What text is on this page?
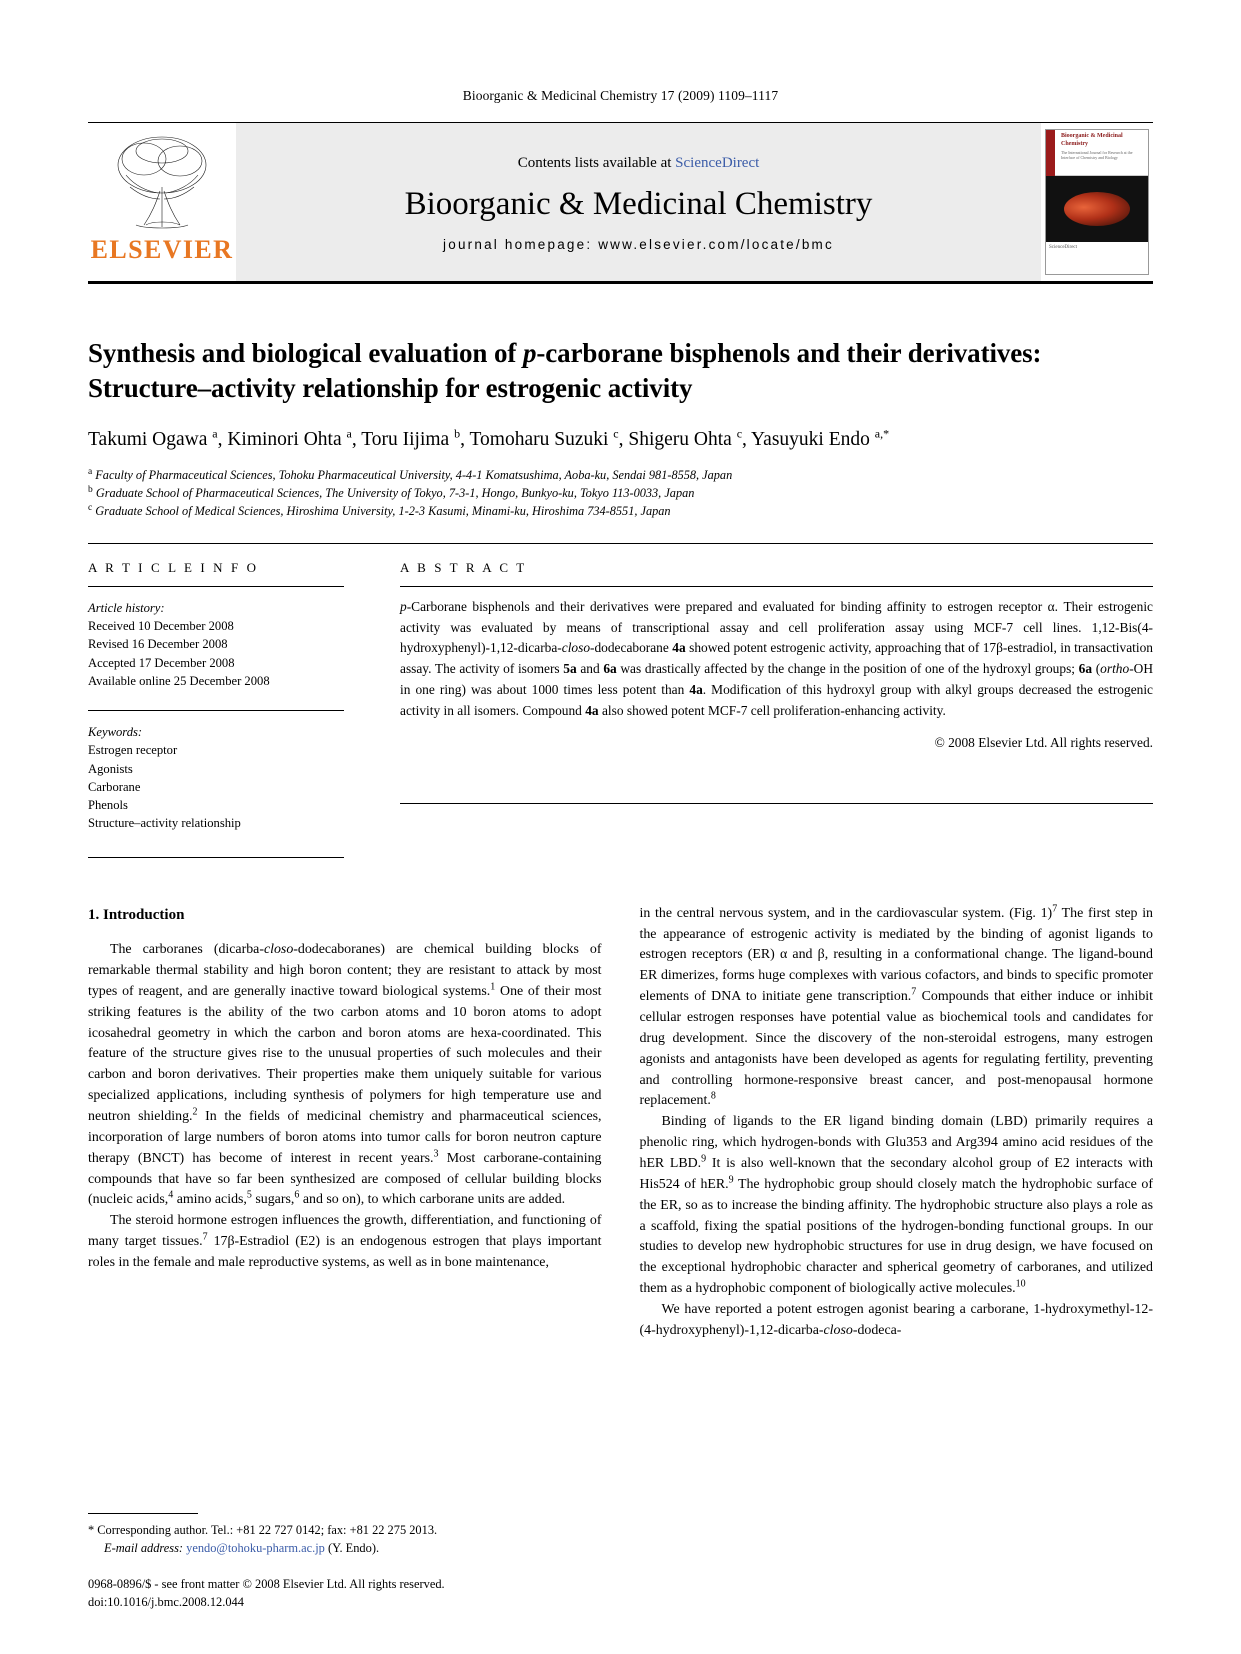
Bioorganic & Medicinal Chemistry 17 (2009) 1109–1117
ELSEVIER
Contents lists available at ScienceDirect
Bioorganic & Medicinal Chemistry
journal homepage: www.elsevier.com/locate/bmc
Bioorganic & Medicinal Chemistry
The International Journal for Research at the Interface of Chemistry and Biology
ScienceDirect
Synthesis and biological evaluation of p-carborane bisphenols and their derivatives: Structure–activity relationship for estrogenic activity
Takumi Ogawa $^a$, Kiminori Ohta $^a$, Toru Iijima $^b$, Tomoharu Suzuki $^c$, Shigeru Ohta $^c$, Yasuyuki Endo $^{a,*}$
$^a$ Faculty of Pharmaceutical Sciences, Tohoku Pharmaceutical University, 4-4-1 Komatsushima, Aoba-ku, Sendai 981-8558, Japan
$^b$ Graduate School of Pharmaceutical Sciences, The University of Tokyo, 7-3-1, Hongo, Bunkyo-ku, Tokyo 113-0033, Japan
$^c$ Graduate School of Medical Sciences, Hiroshima University, 1-2-3 Kasumi, Minami-ku, Hiroshima 734-8551, Japan
A R T I C L E I N F O
Article history:
Received 10 December 2008
Revised 16 December 2008
Accepted 17 December 2008
Available online 25 December 2008
Keywords:
Estrogen receptor
Agonists
Carborane
Phenols
Structure–activity relationship
A B S T R A C T
p-Carborane bisphenols and their derivatives were prepared and evaluated for binding affinity to estrogen receptor α. Their estrogenic activity was evaluated by means of transcriptional assay and cell proliferation assay using MCF-7 cell lines. 1,12-Bis(4-hydroxyphenyl)-1,12-dicarba-closo-dodecaborane 4a showed potent estrogenic activity, approaching that of 17β-estradiol, in transactivation assay. The activity of isomers 5a and 6a was drastically affected by the change in the position of one of the hydroxyl groups; 6a (ortho-OH in one ring) was about 1000 times less potent than 4a. Modification of this hydroxyl group with alkyl groups decreased the estrogenic activity in all isomers. Compound 4a also showed potent MCF-7 cell proliferation-enhancing activity.
© 2008 Elsevier Ltd. All rights reserved.
1. Introduction

The carboranes (dicarba-closo-dodecaboranes) are chemical building blocks of remarkable thermal stability and high boron content; they are resistant to attack by most types of reagent, and are generally inactive toward biological systems.$^1$ One of their most striking features is the ability of the two carbon atoms and 10 boron atoms to adopt icosahedral geometry in which the carbon and boron atoms are hexa-coordinated. This feature of the structure gives rise to the unusual properties of such molecules and their carbon and boron derivatives. Their properties make them uniquely suitable for various specialized applications, including synthesis of polymers for high temperature use and neutron shielding.$^2$ In the fields of medicinal chemistry and pharmaceutical sciences, incorporation of large numbers of boron atoms into tumor calls for boron neutron capture therapy (BNCT) has become of interest in recent years.$^3$ Most carborane-containing compounds that have so far been synthesized are composed of cellular building blocks (nucleic acids,$^4$ amino acids,$^5$ sugars,$^6$ and so on), to which carborane units are added.

The steroid hormone estrogen influences the growth, differentiation, and functioning of many target tissues.$^7$ 17β-Estradiol (E2) is an endogenous estrogen that plays important roles in the female and male reproductive systems, as well as in bone maintenance,

in the central nervous system, and in the cardiovascular system. (Fig. 1)$^7$ The first step in the appearance of estrogenic activity is mediated by the binding of agonist ligands to estrogen receptors (ER) α and β, resulting in a conformational change. The ligand-bound ER dimerizes, forms huge complexes with various cofactors, and binds to specific promoter elements of DNA to initiate gene transcription.$^7$ Compounds that either induce or inhibit cellular estrogen responses have potential value as biochemical tools and candidates for drug development. Since the discovery of the non-steroidal estrogens, many estrogen agonists and antagonists have been developed as agents for regulating fertility, preventing and controlling hormone-responsive breast cancer, and post-menopausal hormone replacement.$^8$

Binding of ligands to the ER ligand binding domain (LBD) primarily requires a phenolic ring, which hydrogen-bonds with Glu353 and Arg394 amino acid residues of the hER LBD.$^9$ It is also well-known that the secondary alcohol group of E2 interacts with His524 of hER.$^9$ The hydrophobic group should closely match the hydrophobic surface of the ER, so as to increase the binding affinity. The hydrophobic structure also plays a role as a scaffold, fixing the spatial positions of the hydrogen-bonding functional groups. In our studies to develop new hydrophobic structures for use in drug design, we have focused on the exceptional hydrophobic character and spherical geometry of carboranes, and utilized them as a hydrophobic component of biologically active molecules.$^{10}$

We have reported a potent estrogen agonist bearing a carborane, 1-hydroxymethyl-12-(4-hydroxyphenyl)-1,12-dicarba-closo-dodeca-

* Corresponding author. Tel.: +81 22 727 0142; fax: +81 22 275 2013.
E-mail address: yendo@tohoku-pharm.ac.jp (Y. Endo).
0968-0896/$ - see front matter © 2008 Elsevier Ltd. All rights reserved.
doi:10.1016/j.bmc.2008.12.044
